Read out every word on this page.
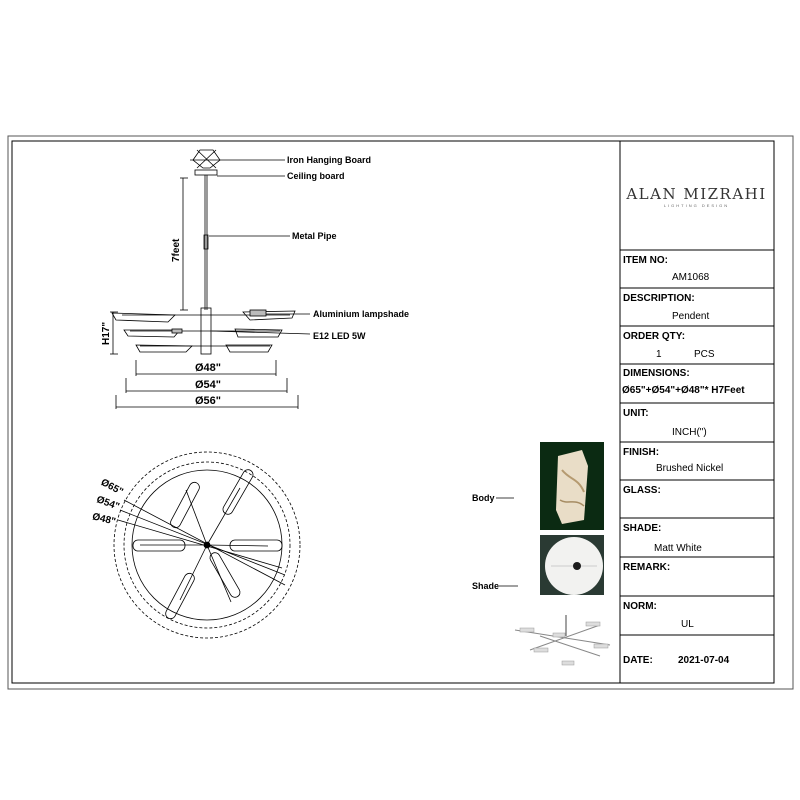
ALAN MIZRAHI
LIGHTING DESIGN
Iron Hanging Board
Ceiling board
Metal Pipe
Aluminium lampshade
E12 LED 5W
7feet
H17"
Ø48"
Ø54"
Ø56"
Ø65"
Ø54"
Ø48"
Body
Shade
ITEM NO:
AM1068
DESCRIPTION:
Pendent
ORDER QTY:
1	PCS
DIMENSIONS:
Ø65"+Ø54"+Ø48"* H7Feet
UNIT:
INCH(")
FINISH:
Brushed Nickel
GLASS:
SHADE:
Matt White
REMARK:
NORM:
UL
DATE:	2021-07-04
